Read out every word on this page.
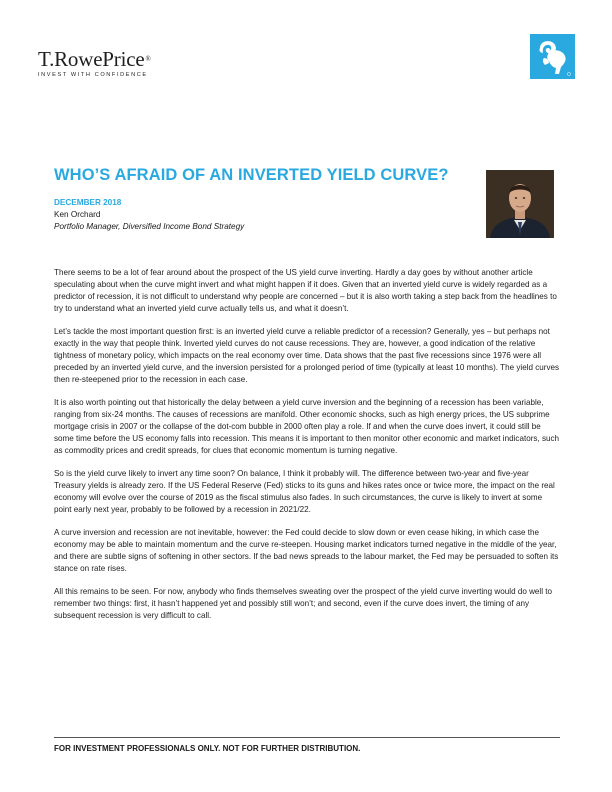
T.RowePrice®
INVEST WITH CONFIDENCE
WHO’S AFRAID OF AN INVERTED YIELD CURVE?
DECEMBER 2018
Ken Orchard
Portfolio Manager, Diversified Income Bond Strategy

There seems to be a lot of fear around about the prospect of the US yield curve inverting. Hardly a day goes by without another article speculating about when the curve might invert and what might happen if it does. Given that an inverted yield curve is widely regarded as a predictor of recession, it is not difficult to understand why people are concerned – but it is also worth taking a step back from the headlines to try to understand what an inverted yield curve actually tells us, and what it doesn’t.

Let’s tackle the most important question first: is an inverted yield curve a reliable predictor of a recession? Generally, yes – but perhaps not exactly in the way that people think. Inverted yield curves do not cause recessions. They are, however, a good indication of the relative tightness of monetary policy, which impacts on the real economy over time. Data shows that the past five recessions since 1976 were all preceded by an inverted yield curve, and the inversion persisted for a prolonged period of time (typically at least 10 months). The yield curves then re-steepened prior to the recession in each case.

It is also worth pointing out that historically the delay between a yield curve inversion and the beginning of a recession has been variable, ranging from six-24 months. The causes of recessions are manifold. Other economic shocks, such as high energy prices, the US subprime mortgage crisis in 2007 or the collapse of the dot-com bubble in 2000 often play a role. If and when the curve does invert, it could still be some time before the US economy falls into recession. This means it is important to then monitor other economic and market indicators, such as commodity prices and credit spreads, for clues that economic momentum is turning negative.

So is the yield curve likely to invert any time soon? On balance, I think it probably will. The difference between two-year and five-year Treasury yields is already zero. If the US Federal Reserve (Fed) sticks to its guns and hikes rates once or twice more, the impact on the real economy will evolve over the course of 2019 as the fiscal stimulus also fades. In such circumstances, the curve is likely to invert at some point early next year, probably to be followed by a recession in 2021/22.

A curve inversion and recession are not inevitable, however: the Fed could decide to slow down or even cease hiking, in which case the economy may be able to maintain momentum and the curve re-steepen. Housing market indicators turned negative in the middle of the year, and there are subtle signs of softening in other sectors. If the bad news spreads to the labour market, the Fed may be persuaded to soften its stance on rate rises.

All this remains to be seen. For now, anybody who finds themselves sweating over the prospect of the yield curve inverting would do well to remember two things: first, it hasn’t happened yet and possibly still won’t; and second, even if the curve does invert, the timing of any subsequent recession is very difficult to call.

FOR INVESTMENT PROFESSIONALS ONLY. NOT FOR FURTHER DISTRIBUTION.
